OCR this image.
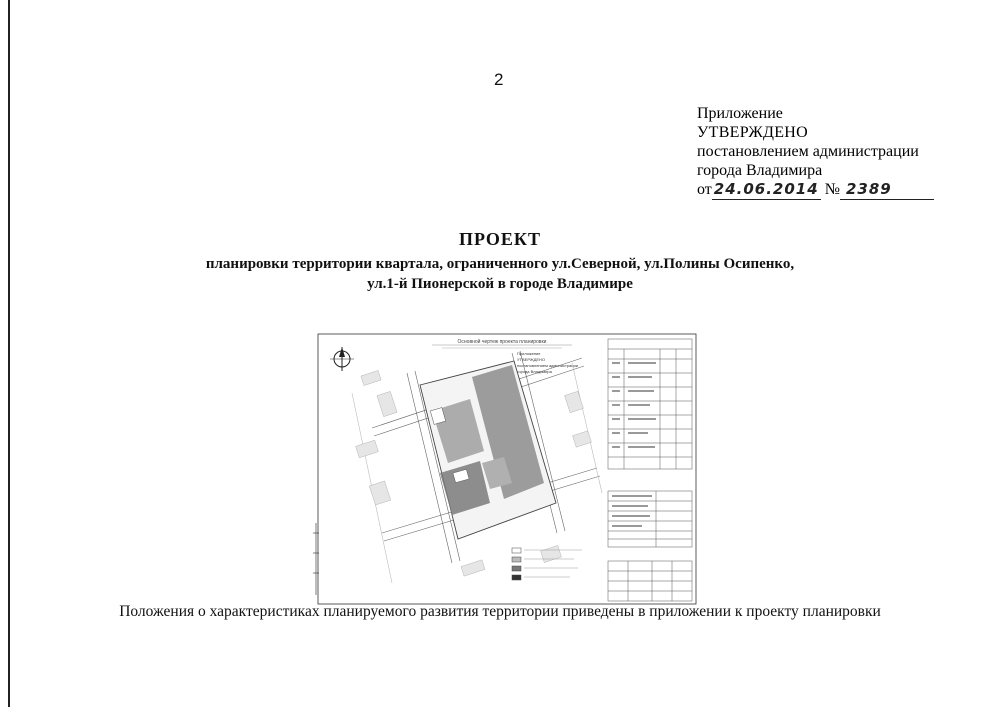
2
Приложение
УТВЕРЖДЕНО
постановлением администрации
города Владимира
от 24.06.2014 № 2389
ПРОЕКТ
планировки территории квартала, ограниченного ул.Северной, ул.Полины Осипенко,
ул.1-й Пионерской в городе Владимире
Основной чертеж проекта планировки
Приложение
УТВЕРЖДЕНО
постановлением администрации
города Владимира
Положения о характеристиках планируемого развития территории приведены в приложении к проекту планировки
